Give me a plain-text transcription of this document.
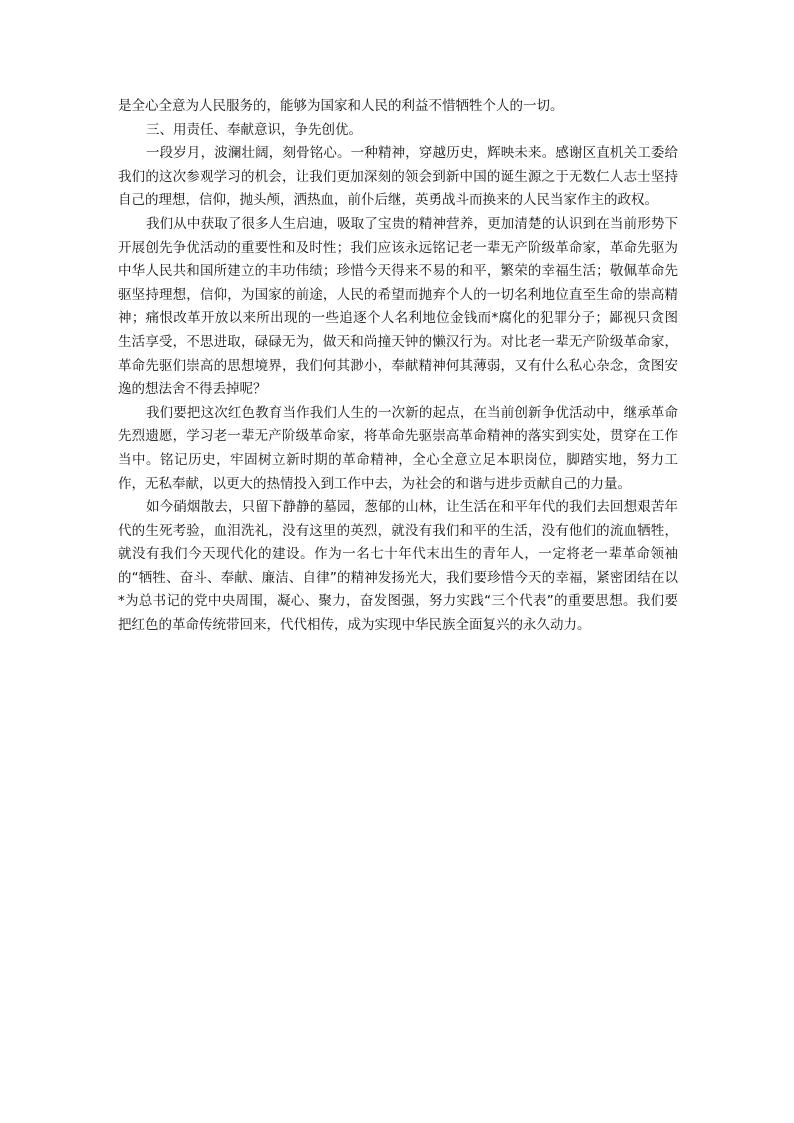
是全心全意为人民服务的，能够为国家和人民的利益不惜牺牲个人的一切。

三、用责任、奉献意识，争先创优。

一段岁月，波澜壮阔，刻骨铭心。一种精神，穿越历史，辉映未来。感谢区直机关工委给我们的这次参观学习的机会，让我们更加深刻的领会到新中国的诞生源之于无数仁人志士坚持自己的理想，信仰，抛头颅，洒热血，前仆后继，英勇战斗而换来的人民当家作主的政权。

我们从中获取了很多人生启迪，吸取了宝贵的精神营养，更加清楚的认识到在当前形势下开展创先争优活动的重要性和及时性；我们应该永远铭记老一辈无产阶级革命家，革命先驱为中华人民共和国所建立的丰功伟绩；珍惜今天得来不易的和平，繁荣的幸福生活；敬佩革命先驱坚持理想，信仰，为国家的前途，人民的希望而抛弃个人的一切名利地位直至生命的崇高精神；痛恨改革开放以来所出现的一些追逐个人名利地位金钱而*腐化的犯罪分子；鄙视只贪图生活享受，不思进取，碌碌无为，做天和尚撞天钟的懒汉行为。对比老一辈无产阶级革命家，革命先驱们崇高的思想境界，我们何其渺小，奉献精神何其薄弱，又有什么私心杂念，贪图安逸的想法舍不得丢掉呢？

我们要把这次红色教育当作我们人生的一次新的起点，在当前创新争优活动中，继承革命先烈遗愿，学习老一辈无产阶级革命家，将革命先驱崇高革命精神的落实到实处，贯穿在工作当中。铭记历史，牢固树立新时期的革命精神，全心全意立足本职岗位，脚踏实地，努力工作，无私奉献，以更大的热情投入到工作中去，为社会的和谐与进步贡献自己的力量。

如今硝烟散去，只留下静静的墓园，葱郁的山林，让生活在和平年代的我们去回想艰苦年代的生死考验，血泪洗礼，没有这里的英烈，就没有我们和平的生活，没有他们的流血牺牲，就没有我们今天现代化的建设。作为一名七十年代末出生的青年人，一定将老一辈革命领袖的“牺牲、奋斗、奉献、廉洁、自律”的精神发扬光大，我们要珍惜今天的幸福，紧密团结在以*为总书记的党中央周围，凝心、聚力，奋发图强，努力实践“三个代表”的重要思想。我们要把红色的革命传统带回来，代代相传，成为实现中华民族全面复兴的永久动力。
